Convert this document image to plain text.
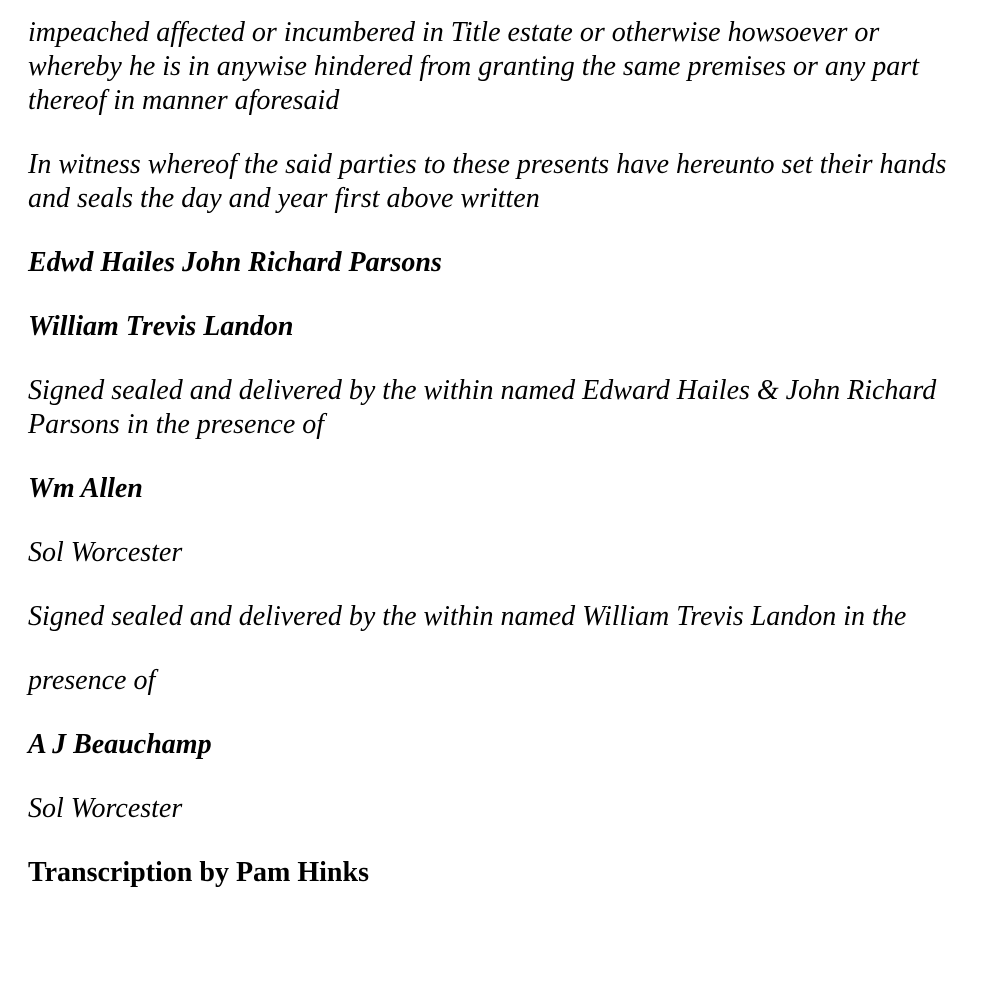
impeached affected or incumbered in Title estate or otherwise howsoever or whereby he is in anywise hindered from granting the same premises or any part thereof in manner aforesaid

In witness whereof the said parties to these presents have hereunto set their hands and seals the day and year first above written

Edwd Hailes John Richard Parsons

William Trevis Landon

Signed sealed and delivered by the within named Edward Hailes & John Richard Parsons in the presence of

Wm Allen

Sol Worcester

Signed sealed and delivered by the within named William Trevis Landon in the

presence of

A J Beauchamp

Sol Worcester

Transcription by Pam Hinks
